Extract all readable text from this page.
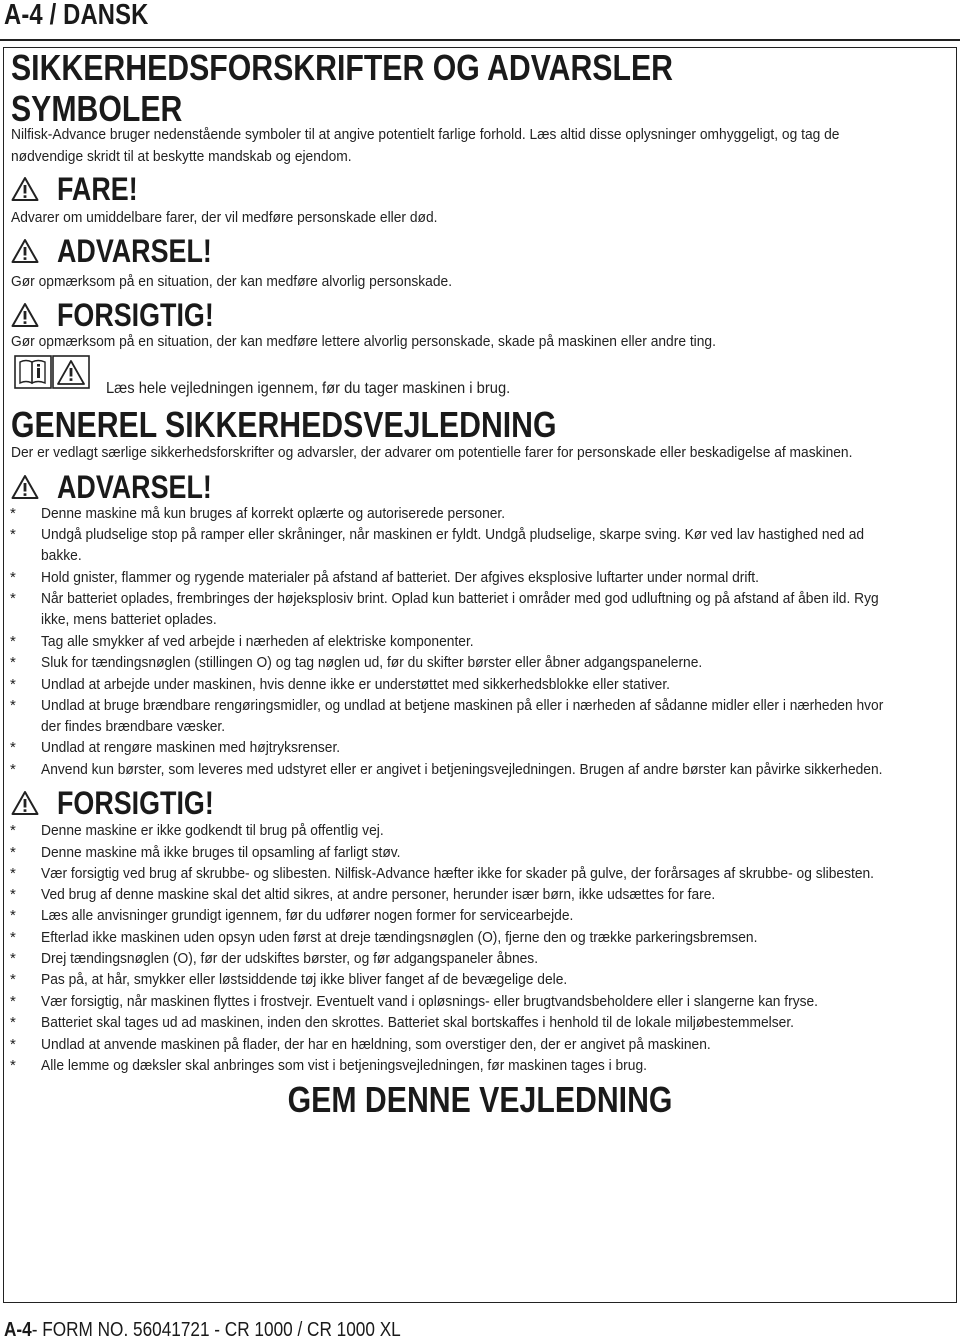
A-4 / DANSK
SIKKERHEDSFORSKRIFTER OG ADVARSLER
SYMBOLER
Nilfisk-Advance bruger nedenstående symboler til at angive potentielt farlige forhold. Læs altid disse oplysninger omhyggeligt, og tag de
nødvendige skridt til at beskytte mandskab og ejendom.
FARE!
Advarer om umiddelbare farer, der vil medføre personskade eller død.
ADVARSEL!
Gør opmærksom på en situation, der kan medføre alvorlig personskade.
FORSIGTIG!
Gør opmærksom på en situation, der kan medføre lettere alvorlig personskade, skade på maskinen eller andre ting.
Læs hele vejledningen igennem, før du tager maskinen i brug.
GENEREL SIKKERHEDSVEJLEDNING
Der er vedlagt særlige sikkerhedsforskrifter og advarsler, der advarer om potentielle farer for personskade eller beskadigelse af maskinen.
ADVARSEL!
* Denne maskine må kun bruges af korrekt oplærte og autoriserede personer.
* Undgå pludselige stop på ramper eller skråninger, når maskinen er fyldt. Undgå pludselige, skarpe sving. Kør ved lav hastighed ned ad
bakke.
* Hold gnister, flammer og rygende materialer på afstand af batteriet. Der afgives eksplosive luftarter under normal drift.
* Når batteriet oplades, frembringes der højeksplosiv brint. Oplad kun batteriet i områder med god udluftning og på afstand af åben ild. Ryg
ikke, mens batteriet oplades.
* Tag alle smykker af ved arbejde i nærheden af elektriske komponenter.
* Sluk for tændingsnøglen (stillingen O) og tag nøglen ud, før du skifter børster eller åbner adgangspanelerne.
* Undlad at arbejde under maskinen, hvis denne ikke er understøttet med sikkerhedsblokke eller stativer.
* Undlad at bruge brændbare rengøringsmidler, og undlad at betjene maskinen på eller i nærheden af sådanne midler eller i nærheden hvor
der findes brændbare væsker.
* Undlad at rengøre maskinen med højtryksrenser.
* Anvend kun børster, som leveres med udstyret eller er angivet i betjeningsvejledningen. Brugen af andre børster kan påvirke sikkerheden.
FORSIGTIG!
* Denne maskine er ikke godkendt til brug på offentlig vej.
* Denne maskine må ikke bruges til opsamling af farligt støv.
* Vær forsigtig ved brug af skrubbe- og slibesten. Nilfisk-Advance hæfter ikke for skader på gulve, der forårsages af skrubbe- og slibesten.
* Ved brug af denne maskine skal det altid sikres, at andre personer, herunder især børn, ikke udsættes for fare.
* Læs alle anvisninger grundigt igennem, før du udfører nogen former for servicearbejde.
* Efterlad ikke maskinen uden opsyn uden først at dreje tændingsnøglen (O), fjerne den og trække parkeringsbremsen.
* Drej tændingsnøglen (O), før der udskiftes børster, og før adgangspaneler åbnes.
* Pas på, at hår, smykker eller løstsiddende tøj ikke bliver fanget af de bevægelige dele.
* Vær forsigtig, når maskinen flyttes i frostvejr. Eventuelt vand i opløsnings- eller brugtvandsbeholdere eller i slangerne kan fryse.
* Batteriet skal tages ud ad maskinen, inden den skrottes. Batteriet skal bortskaffes i henhold til de lokale miljøbestemmelser.
* Undlad at anvende maskinen på flader, der har en hældning, som overstiger den, der er angivet på maskinen.
* Alle lemme og dæksler skal anbringes som vist i betjeningsvejledningen, før maskinen tages i brug.
GEM DENNE VEJLEDNING
A-4- FORM NO. 56041721 - CR 1000 / CR 1000 XL
